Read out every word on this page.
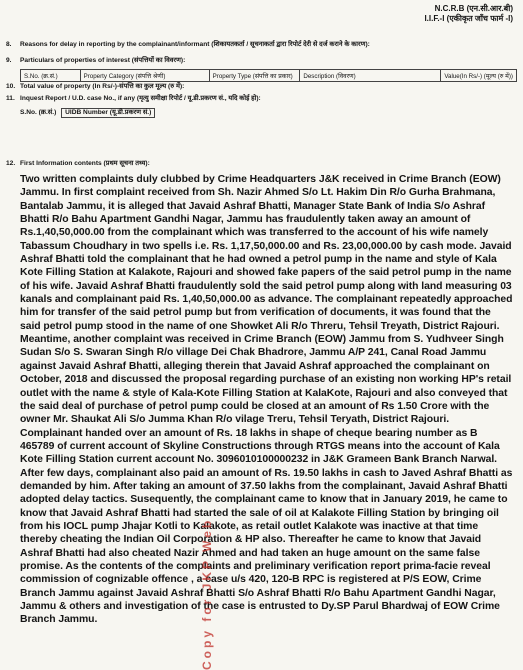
N.C.R.B (एन.सी.आर.बी)
I.I.F.-I (एकीकृत जाँच फार्म -I)
8. Reasons for delay in reporting by the complainant/informant (शिकायतकर्ता / सूचनाकर्ता द्वारा रिपोर्ट देरी से दर्ज कराने के कारण):
9. Particulars of properties of interest (संपत्तियों का विवरण):
S.No. (क्र.सं.)	Property Category (संपत्ति श्रेणी)	Property Type (संपत्ति का प्रकार)	Description (विवरण)	Value(In Rs/-) (मूल्य (रु में))
10. Total value of property (In Rs/-)-संपत्ति का कुल मूल्य (रु में):
11. Inquest Report / U.D. case No., if any (मृत्यु समीक्षा रिपोर्ट / यू.डी.प्रकरण सं., यदि कोई हो):
S.No. (क्र.सं.) UIDB Number (यू.डी.प्रकरण सं.)
12. First Information contents (प्रथम सूचना तथ्य):

Two written complaints duly clubbed by Crime Headquarters J&K received in Crime Branch (EOW) Jammu. In first complaint received from Sh. Nazir Ahmed S/o Lt. Hakim Din R/o Gurha Brahmana, Bantalab Jammu, it is alleged that Javaid Ashraf Bhatti, Manager State Bank of India S/o Ashraf Bhatti R/o Bahu Apartment Gandhi Nagar, Jammu has fraudulently taken away an amount of Rs.1,40,50,000.00 from the complainant which was transferred to the account of his wife namely Tabassum Choudhary in two spells i.e. Rs. 1,17,50,000.00 and Rs. 23,00,000.00 by cash mode. Javaid Ashraf Bhatti told the complainant that he had owned a petrol pump in the name and style of Kala Kote Filling Station at Kalakote, Rajouri and showed fake papers of the said petrol pump in the name of his wife. Javaid Ashraf Bhatti fraudulently sold the said petrol pump along with land measuring 03 kanals and complainant paid Rs. 1,40,50,000.00 as advance. The complainant repeatedly approached him for transfer of the said petrol pump but from verification of documents, it was found that the said petrol pump stood in the name of one Showket Ali R/o Threru, Tehsil Treyath, District Rajouri. Meantime, another complaint was received in Crime Branch (EOW) Jammu from S. Yudhveer Singh Sudan S/o S. Swaran Singh R/o village Dei Chak Bhadrore, Jammu A/P 241, Canal Road Jammu against Javaid Ashraf Bhatti, alleging therein that Javaid Ashraf approached the complainant on October, 2018 and discussed the proposal regarding purchase of an existing non working HP's retail outlet with the name & style of Kala-Kote Filling Station at KalaKote, Rajouri and also conveyed that the said deal of purchase of petrol pump could be closed at an amount of Rs 1.50 Crore with the owner Mr. Shaukat Ali S/o Jumma Khan R/o vilage Treru, Tehsil Teryath, District Rajouri. Complainant handed over an amount of Rs. 18 lakhs in shape of cheque bearing number as B 465789 of current account of Skyline Constructions through RTGS means into the account of Kala Kote Filling Station current account No. 3096010100000232 in J&K Grameen Bank Branch Narwal. After few days, complainant also paid an amount of Rs. 19.50 lakhs in cash to Javed Ashraf Bhatti as demanded by him. After taking an amount of 37.50 lakhs from the complainant, Javaid Ashraf Bhatti adopted delay tactics. Susequently, the complainant came to know that in January 2019, he came to know that Javaid Ashraf Bhatti had started the sale of oil at Kalakote Filling Station by bringing oil from his IOCL pump Jhajar Kotli to Kalakote, as retail outlet Kalakote was inactive at that time thereby cheating the Indian Oil Corporation & HP also. Thereafter he came to know that Javaid Ashraf Bhatti had also cheated Nazir Ahmed and had taken an huge amount on the same false promise. As the contents of the complaints and preliminary verification report prima-facie reveal commission of cognizable offence , a case u/s 420, 120-B RPC is registered at P/S EOW, Crime Branch Jammu against Javaid Ashraf Bhatti S/o Ashraf Bhatti R/o Bahu Apartment Gandhi Nagar, Jammu & others and investigation of the case is entrusted to Dy.SP Parul Bhardwaj of EOW Crime Branch Jammu.	Copy for JKP Web
